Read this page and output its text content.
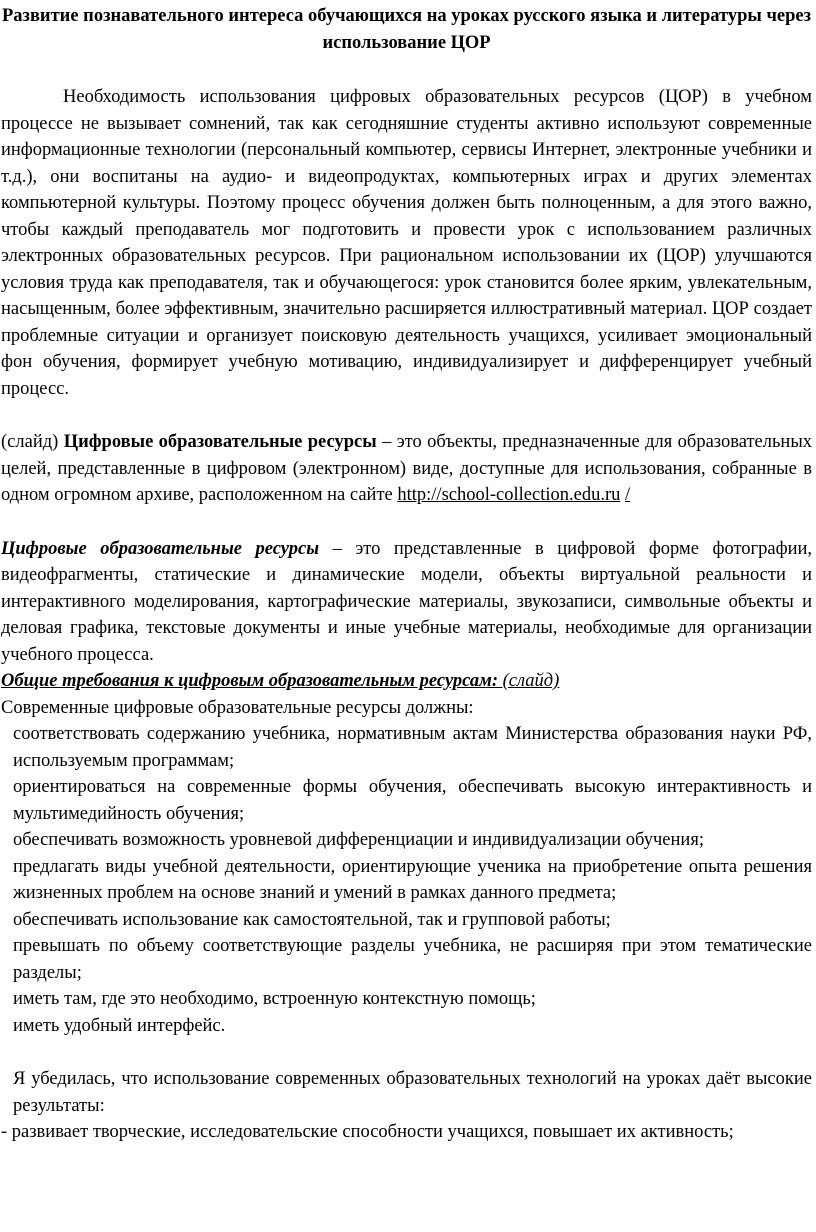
Развитие познавательного интереса обучающихся на уроках русского языка и литературы через использование ЦОР

Необходимость использования цифровых образовательных ресурсов (ЦОР) в учебном процессе не вызывает сомнений, так как сегодняшние студенты активно используют современные информационные технологии (персональный компьютер, сервисы Интернет, электронные учебники и т.д.), они воспитаны на аудио- и видеопродуктах, компьютерных играх и других элементах компьютерной культуры. Поэтому процесс обучения должен быть полноценным, а для этого важно, чтобы каждый преподаватель мог подготовить и провести урок с использованием различных электронных образовательных ресурсов. При рациональном использовании их (ЦОР) улучшаются условия труда как преподавателя, так и обучающегося: урок становится более ярким, увлекательным, насыщенным, более эффективным, значительно расширяется иллюстративный материал. ЦОР создает проблемные ситуации и организует поисковую деятельность учащихся, усиливает эмоциональный фон обучения, формирует учебную мотивацию, индивидуализирует и дифференцирует учебный процесс.

(слайд) Цифровые образовательные ресурсы – это объекты, предназначенные для образовательных целей, представленные в цифровом (электронном) виде, доступные для использования, собранные в одном огромном архиве, расположенном на сайте http://school-collection.edu.ru /

Цифровые образовательные ресурсы – это представленные в цифровой форме фотографии, видеофрагменты, статические и динамические модели, объекты виртуальной реальности и интерактивного моделирования, картографические материалы, звукозаписи, символьные объекты и деловая графика, текстовые документы и иные учебные материалы, необходимые для организации учебного процесса.

Общие требования к цифровым образовательным ресурсам: (слайд)

Современные цифровые образовательные ресурсы должны:

соответствовать содержанию учебника, нормативным актам Министерства образования науки РФ, используемым программам;
ориентироваться на современные формы обучения, обеспечивать высокую интерактивность и мультимедийность обучения;
обеспечивать возможность уровневой дифференциации и индивидуализации обучения;
предлагать виды учебной деятельности, ориентирующие ученика на приобретение опыта решения жизненных проблем на основе знаний и умений в рамках данного предмета;
обеспечивать использование как самостоятельной, так и групповой работы;
превышать по объему соответствующие разделы учебника, не расширяя при этом тематические разделы;
иметь там, где это необходимо, встроенную контекстную помощь;
иметь удобный интерфейс.

Я убедилась, что использование современных образовательных технологий на уроках даёт высокие результаты:

- развивает творческие, исследовательские способности учащихся, повышает их активность;
